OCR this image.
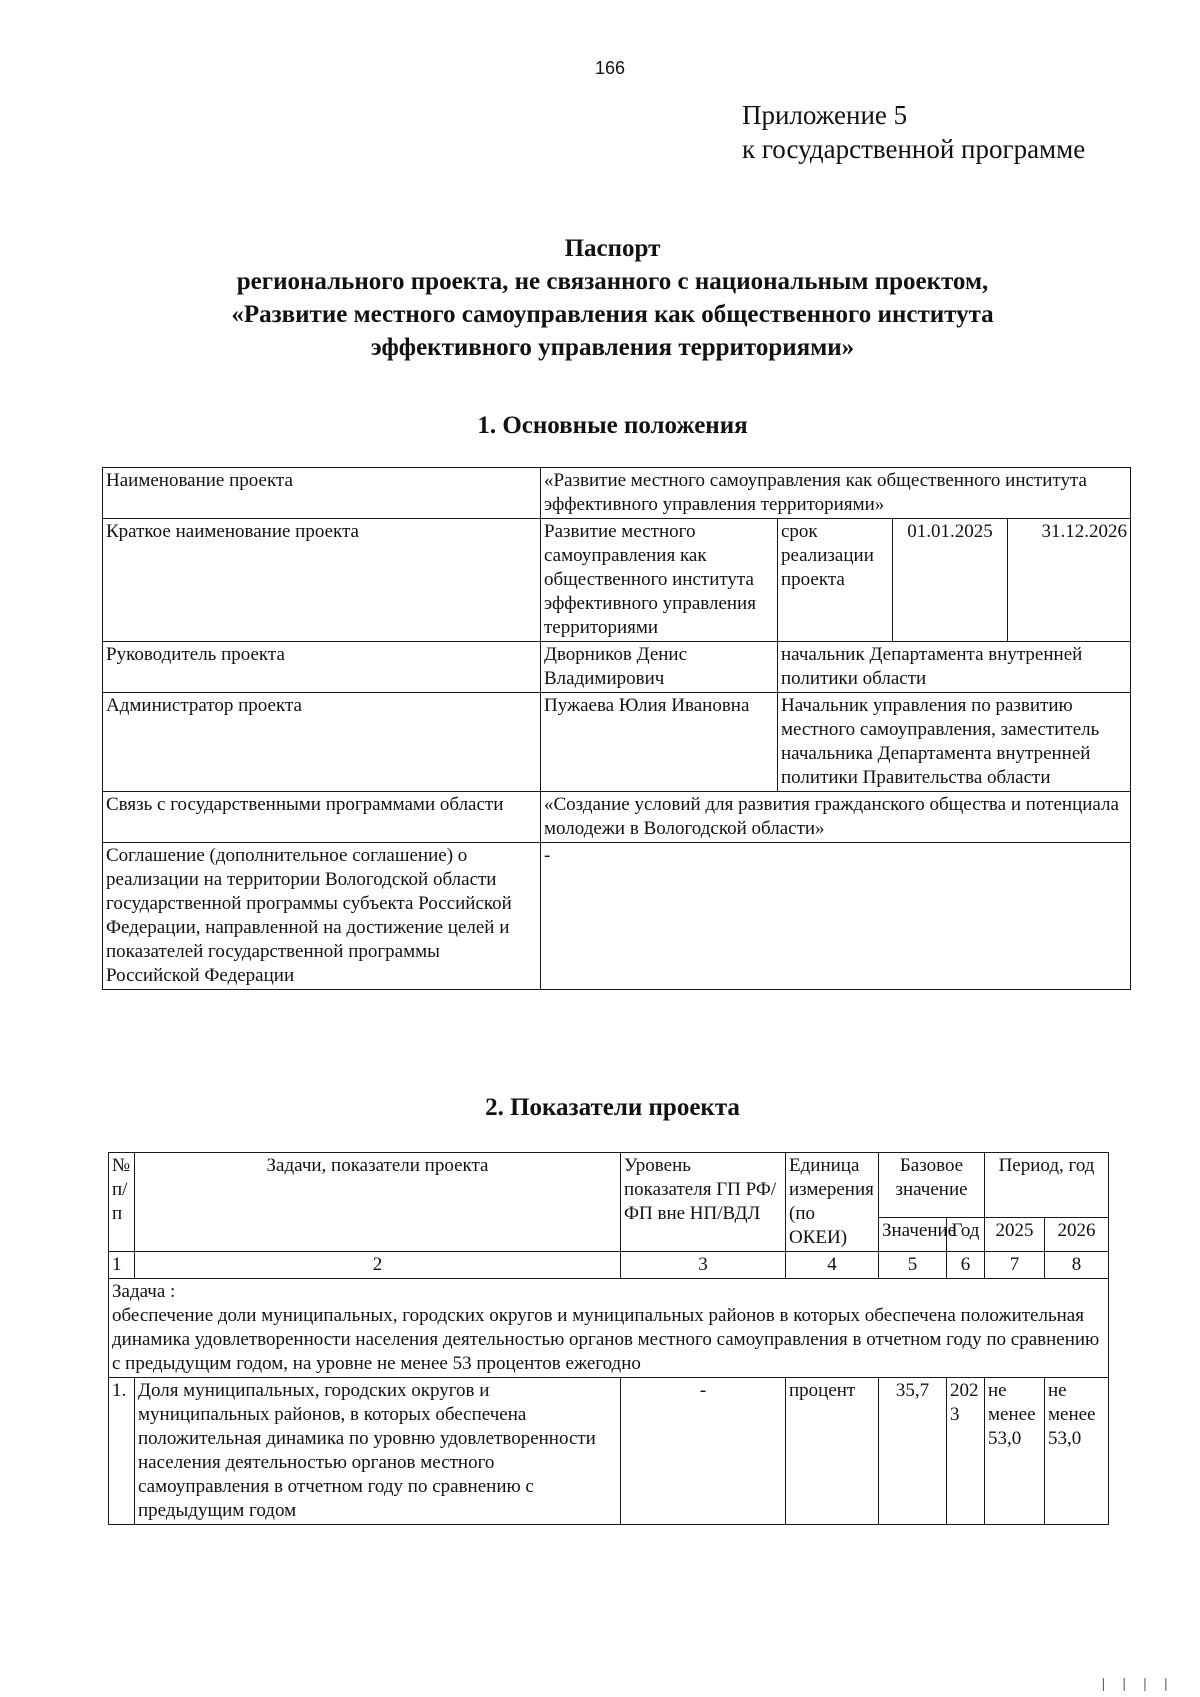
166
Приложение 5
к государственной программе
Паспорт
регионального проекта, не связанного с национальным проектом,
«Развитие местного самоуправления как общественного института
эффективного управления территориями»
1. Основные положения
Наименование проекта	«Развитие местного самоуправления как общественного института эффективного управления территориями»			
Краткое наименование проекта	Развитие местного самоуправления как общественного института эффективного управления территориями	срок реализации проекта	01.01.2025	31.12.2026
Руководитель проекта	Дворников Денис Владимирович	начальник Департамента внутренней политики области		
Администратор проекта	Пужаева Юлия Ивановна	Начальник управления по развитию местного самоуправления, заместитель начальника Департамента внутренней политики Правительства области		
Связь с государственными программами области	«Создание условий для развития гражданского общества и потенциала молодежи в Вологодской области»			
Соглашение (дополнительное соглашение) о реализации на территории Вологодской области государственной программы субъекта Российской Федерации, направленной на достижение целей и показателей государственной программы Российской Федерации	-			
2. Показатели проекта
№ п/п	Задачи, показатели проекта	Уровень показателя ГП РФ/ФП вне НП/ВДЛ	Единица измерения (по ОКЕИ)	Базовое значение		Период, год	
				Значение	Год	2025	2026
1	2	3	4	5	6	7	8

Задача :
обеспечение доли муниципальных, городских округов и муниципальных районов в которых обеспечена положительная динамика удовлетворенности населения деятельностью органов местного самоуправления в отчетном году по сравнению с предыдущим годом, на уровне не менее 53 процентов ежегодно							

1.	Доля муниципальных, городских округов и муниципальных районов, в которых обеспечена положительная динамика по уровню удовлетворенности населения деятельностью органов местного самоуправления в отчетном году по сравнению с предыдущим годом	-	процент	35,7	2023	не менее 53,0	не менее 53,0
| | | |
